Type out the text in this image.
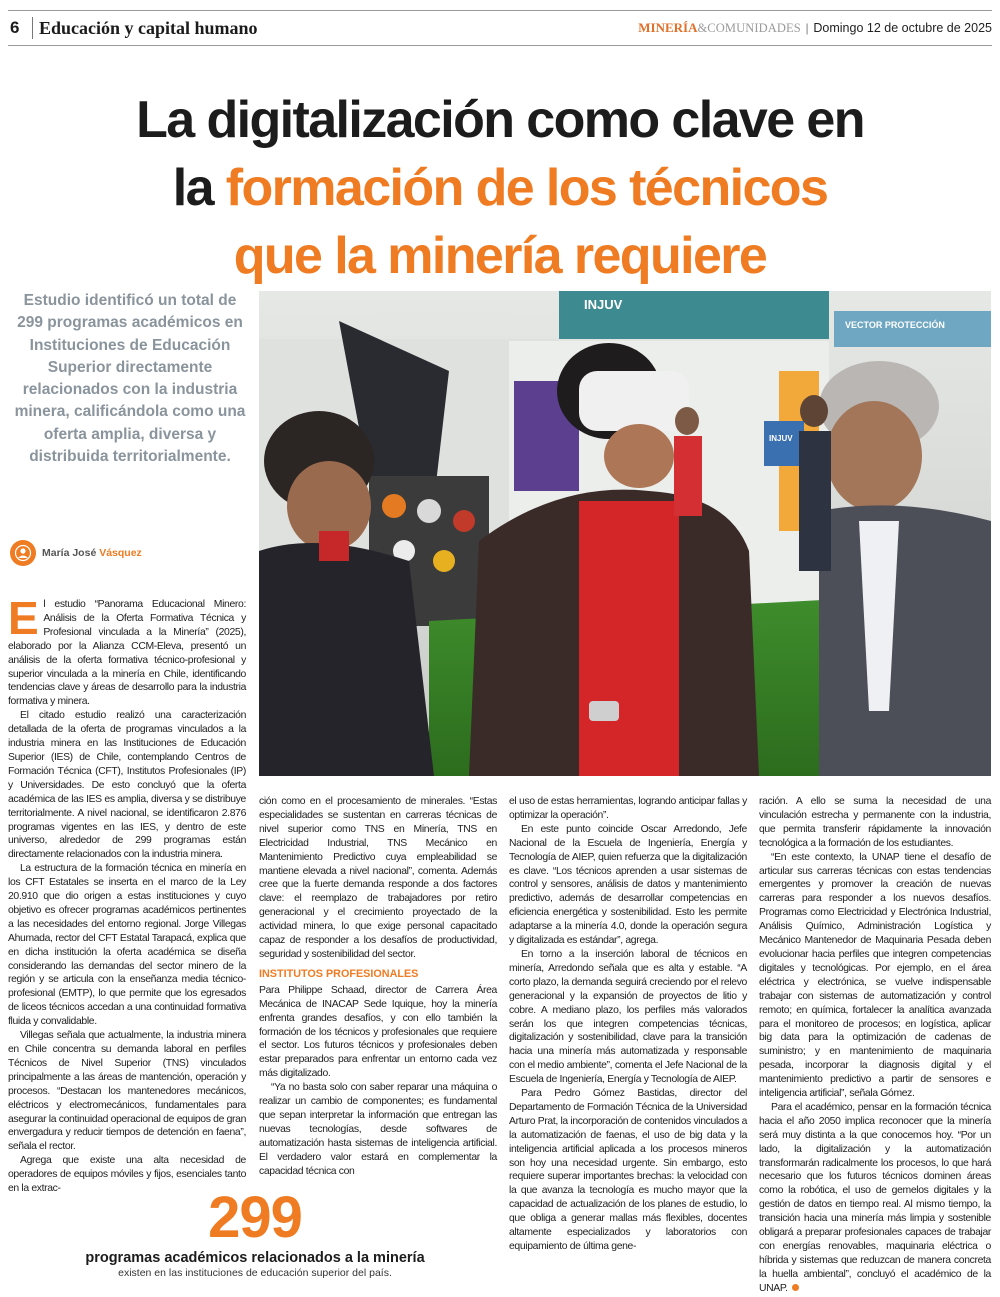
6	Educación y capital humano	MINERÍA &COMUNIDADES | Domingo 12 de octubre de 2025
La digitalización como clave en
la formación de los técnicos
que la minería requiere
Estudio identificó un total de 299 programas académicos en Instituciones de Educación Superior directamente relacionados con la industria minera, calificándola como una oferta amplia, diversa y distribuida territorialmente.
María José Vásquez
INJUV
VECTOR PROTECCIÓN
INJUV

El estudio “Panorama Educacional Minero: Análisis de la Oferta Formativa Técnica y Profesional vinculada a la Minería” (2025), elaborado por la Alianza CCM-Eleva, presentó un análisis de la oferta formativa técnico-profesional y superior vinculada a la minería en Chile, identificando tendencias clave y áreas de desarrollo para la industria formativa y minera.

El citado estudio realizó una caracterización detallada de la oferta de programas vinculados a la industria minera en las Instituciones de Educación Superior (IES) de Chile, contemplando Centros de Formación Técnica (CFT), Institutos Profesionales (IP) y Universidades. De esto concluyó que la oferta académica de las IES es amplia, diversa y se distribuye territorialmente. A nivel nacional, se identificaron 2.876 programas vigentes en las IES, y dentro de este universo, alrededor de 299 programas están directamente relacionados con la industria minera.

La estructura de la formación técnica en minería en los CFT Estatales se inserta en el marco de la Ley 20.910 que dio origen a estas instituciones y cuyo objetivo es ofrecer programas académicos pertinentes a las necesidades del entorno regional. Jorge Villegas Ahumada, rector del CFT Estatal Tarapacá, explica que en dicha institución la oferta académica se diseña considerando las demandas del sector minero de la región y se articula con la enseñanza media técnico-profesional (EMTP), lo que permite que los egresados de liceos técnicos accedan a una continuidad formativa fluida y convalidable.

Villegas señala que actualmente, la industria minera en Chile concentra su demanda laboral en perfiles Técnicos de Nivel Superior (TNS) vinculados principalmente a las áreas de mantención, operación y procesos. “Destacan los mantenedores mecánicos, eléctricos y electromecánicos, fundamentales para asegurar la continuidad operacional de equipos de gran envergadura y reducir tiempos de detención en faena”, señala el rector.

Agrega que existe una alta necesidad de operadores de equipos móviles y fijos, esenciales tanto en la extrac-

ción como en el procesamiento de minerales. “Estas especialidades se sustentan en carreras técnicas de nivel superior como TNS en Minería, TNS en Electricidad Industrial, TNS Mecánico en Mantenimiento Predictivo cuya empleabilidad se mantiene elevada a nivel nacional”, comenta. Además cree que la fuerte demanda responde a dos factores clave: el reemplazo de trabajadores por retiro generacional y el crecimiento proyectado de la actividad minera, lo que exige personal capacitado capaz de responder a los desafíos de productividad, seguridad y sostenibilidad del sector.

INSTITUTOS PROFESIONALES

Para Philippe Schaad, director de Carrera Área Mecánica de INACAP Sede Iquique, hoy la minería enfrenta grandes desafíos, y con ello también la formación de los técnicos y profesionales que requiere el sector. Los futuros técnicos y profesionales deben estar preparados para enfrentar un entorno cada vez más digitalizado.

“Ya no basta solo con saber reparar una máquina o realizar un cambio de componentes; es fundamental que sepan interpretar la información que entregan las nuevas tecnologías, desde softwares de automatización hasta sistemas de inteligencia artificial. El verdadero valor estará en complementar la capacidad técnica con

el uso de estas herramientas, logrando anticipar fallas y optimizar la operación”.

En este punto coincide Oscar Arredondo, Jefe Nacional de la Escuela de Ingeniería, Energía y Tecnología de AIEP, quien refuerza que la digitalización es clave. “Los técnicos aprenden a usar sistemas de control y sensores, análisis de datos y mantenimiento predictivo, además de desarrollar competencias en eficiencia energética y sostenibilidad. Esto les permite adaptarse a la minería 4.0, donde la operación segura y digitalizada es estándar”, agrega.

En torno a la inserción laboral de técnicos en minería, Arredondo señala que es alta y estable. “A corto plazo, la demanda seguirá creciendo por el relevo generacional y la expansión de proyectos de litio y cobre. A mediano plazo, los perfiles más valorados serán los que integren competencias técnicas, digitalización y sostenibilidad, clave para la transición hacia una minería más automatizada y responsable con el medio ambiente”, comenta el Jefe Nacional de la Escuela de Ingeniería, Energía y Tecnología de AIEP.

Para Pedro Gómez Bastidas, director del Departamento de Formación Técnica de la Universidad Arturo Prat, la incorporación de contenidos vinculados a la automatización de faenas, el uso de big data y la inteligencia artificial aplicada a los procesos mineros son hoy una necesidad urgente. Sin embargo, esto requiere superar importantes brechas: la velocidad con la que avanza la tecnología es mucho mayor que la capacidad de actualización de los planes de estudio, lo que obliga a generar mallas más flexibles, docentes altamente especializados y laboratorios con equipamiento de última gene-

ración. A ello se suma la necesidad de una vinculación estrecha y permanente con la industria, que permita transferir rápidamente la innovación tecnológica a la formación de los estudiantes.

“En este contexto, la UNAP tiene el desafío de articular sus carreras técnicas con estas tendencias emergentes y promover la creación de nuevas carreras para responder a los nuevos desafíos. Programas como Electricidad y Electrónica Industrial, Análisis Químico, Administración Logística y Mecánico Mantenedor de Maquinaria Pesada deben evolucionar hacia perfiles que integren competencias digitales y tecnológicas. Por ejemplo, en el área eléctrica y electrónica, se vuelve indispensable trabajar con sistemas de automatización y control remoto; en química, fortalecer la analítica avanzada para el monitoreo de procesos; en logística, aplicar big data para la optimización de cadenas de suministro; y en mantenimiento de maquinaria pesada, incorporar la diagnosis digital y el mantenimiento predictivo a partir de sensores e inteligencia artificial”, señala Gómez.

Para el académico, pensar en la formación técnica hacia el año 2050 implica reconocer que la minería será muy distinta a la que conocemos hoy. “Por un lado, la digitalización y la automatización transformarán radicalmente los procesos, lo que hará necesario que los futuros técnicos dominen áreas como la robótica, el uso de gemelos digitales y la gestión de datos en tiempo real. Al mismo tiempo, la transición hacia una minería más limpia y sostenible obligará a preparar profesionales capaces de trabajar con energías renovables, maquinaria eléctrica o híbrida y sistemas que reduzcan de manera concreta la huella ambiental”, concluyó el académico de la UNAP.

299
programas académicos relacionados a la minería
existen en las instituciones de educación superior del país.
